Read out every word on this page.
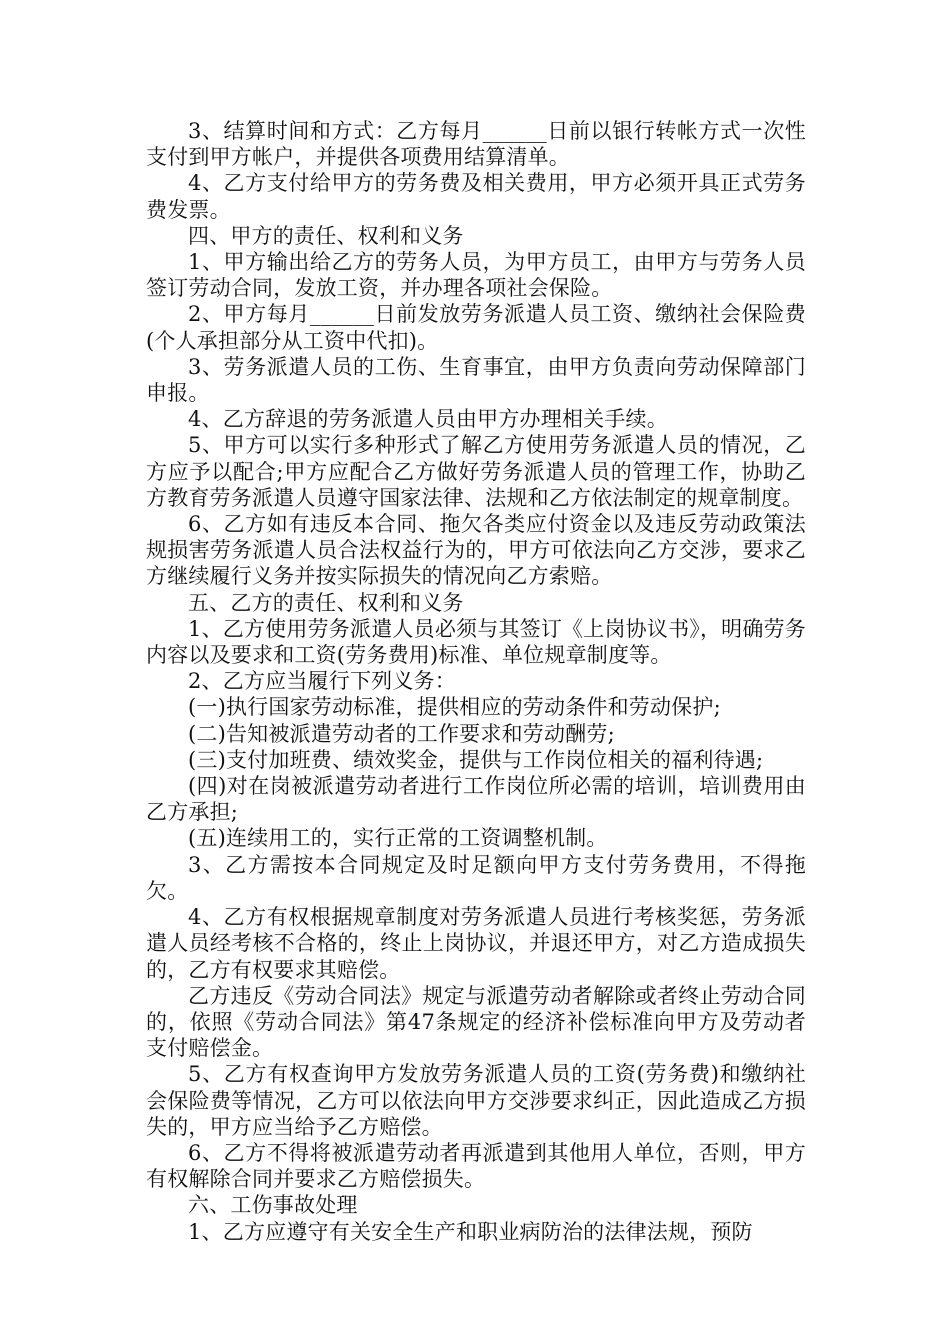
3、结算时间和方式：乙方每月______日前以银行转帐方式一次性支付到甲方帐户，并提供各项费用结算清单。

4、乙方支付给甲方的劳务费及相关费用，甲方必须开具正式劳务费发票。

四、甲方的责任、权利和义务

1、甲方输出给乙方的劳务人员，为甲方员工，由甲方与劳务人员签订劳动合同，发放工资，并办理各项社会保险。

2、甲方每月______日前发放劳务派遣人员工资、缴纳社会保险费(个人承担部分从工资中代扣)。

3、劳务派遣人员的工伤、生育事宜，由甲方负责向劳动保障部门申报。

4、乙方辞退的劳务派遣人员由甲方办理相关手续。

5、甲方可以实行多种形式了解乙方使用劳务派遣人员的情况，乙方应予以配合;甲方应配合乙方做好劳务派遣人员的管理工作，协助乙方教育劳务派遣人员遵守国家法律、法规和乙方依法制定的规章制度。

6、乙方如有违反本合同、拖欠各类应付资金以及违反劳动政策法规损害劳务派遣人员合法权益行为的，甲方可依法向乙方交涉，要求乙方继续履行义务并按实际损失的情况向乙方索赔。

五、乙方的责任、权利和义务

1、乙方使用劳务派遣人员必须与其签订《上岗协议书》，明确劳务内容以及要求和工资(劳务费用)标准、单位规章制度等。

2、乙方应当履行下列义务：

(一)执行国家劳动标准，提供相应的劳动条件和劳动保护;

(二)告知被派遣劳动者的工作要求和劳动酬劳;

(三)支付加班费、绩效奖金，提供与工作岗位相关的福利待遇;

(四)对在岗被派遣劳动者进行工作岗位所必需的培训，培训费用由乙方承担;

(五)连续用工的，实行正常的工资调整机制。

3、乙方需按本合同规定及时足额向甲方支付劳务费用，不得拖欠。

4、乙方有权根据规章制度对劳务派遣人员进行考核奖惩，劳务派遣人员经考核不合格的，终止上岗协议，并退还甲方，对乙方造成损失的，乙方有权要求其赔偿。

乙方违反《劳动合同法》规定与派遣劳动者解除或者终止劳动合同的，依照《劳动合同法》第47条规定的经济补偿标准向甲方及劳动者支付赔偿金。

5、乙方有权查询甲方发放劳务派遣人员的工资(劳务费)和缴纳社会保险费等情况，乙方可以依法向甲方交涉要求纠正，因此造成乙方损失的，甲方应当给予乙方赔偿。

6、乙方不得将被派遣劳动者再派遣到其他用人单位，否则，甲方有权解除合同并要求乙方赔偿损失。

六、工伤事故处理

1、乙方应遵守有关安全生产和职业病防治的法律法规，预防
